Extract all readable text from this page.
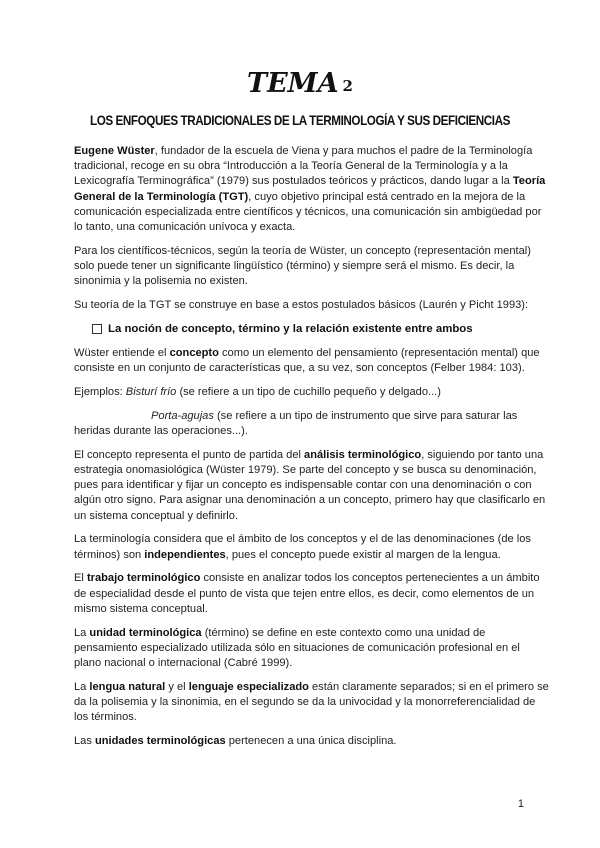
TEMA 2
LOS ENFOQUES TRADICIONALES DE LA TERMINOLOGÍA Y SUS DEFICIENCIAS

Eugene Wüster, fundador de la escuela de Viena y para muchos el padre de la Terminología tradicional, recoge en su obra “Introducción a la Teoría General de la Terminología y a la Lexicografía Terminográfica” (1979) sus postulados teóricos y prácticos, dando lugar a la Teoría General de la Terminología (TGT), cuyo objetivo principal está centrado en la mejora de la comunicación especializada entre científicos y técnicos, una comunicación sin ambigüedad por lo tanto, una comunicación unívoca y exacta.

Para los científicos-técnicos, según la teoría de Wüster, un concepto (representación mental) solo puede tener un significante lingüístico (término) y siempre será el mismo. Es decir, la sinonimia y la polisemia no existen.

Su teoría de la TGT se construye en base a estos postulados básicos (Laurén y Picht 1993):

La noción de concepto, término y la relación existente entre ambos

Wüster entiende el concepto como un elemento del pensamiento (representación mental) que consiste en un conjunto de características que, a su vez, son conceptos (Felber 1984: 103).

Ejemplos: Bisturí frío (se refiere a un tipo de cuchillo pequeño y delgado...)

Porta-agujas (se refiere a un tipo de instrumento que sirve para saturar las heridas durante las operaciones...).

El concepto representa el punto de partida del análisis terminológico, siguiendo por tanto una estrategia onomasiológica (Wüster 1979). Se parte del concepto y se busca su denominación, pues para identificar y fijar un concepto es indispensable contar con una denominación o con algún otro signo. Para asignar una denominación a un concepto, primero hay que clasificarlo en un sistema conceptual y definirlo.

La terminología considera que el ámbito de los conceptos y el de las denominaciones (de los términos) son independientes, pues el concepto puede existir al margen de la lengua.

El trabajo terminológico consiste en analizar todos los conceptos pertenecientes a un ámbito de especialidad desde el punto de vista que tejen entre ellos, es decir, como elementos de un mismo sistema conceptual.

La unidad terminológica (término) se define en este contexto como una unidad de pensamiento especializado utilizada sólo en situaciones de comunicación profesional en el plano nacional o internacional (Cabré 1999).

La lengua natural y el lenguaje especializado están claramente separados; si en el primero se da la polisemia y la sinonimia, en el segundo se da la univocidad y la monorreferencialidad de los términos.

Las unidades terminológicas pertenecen a una única disciplina.

1
